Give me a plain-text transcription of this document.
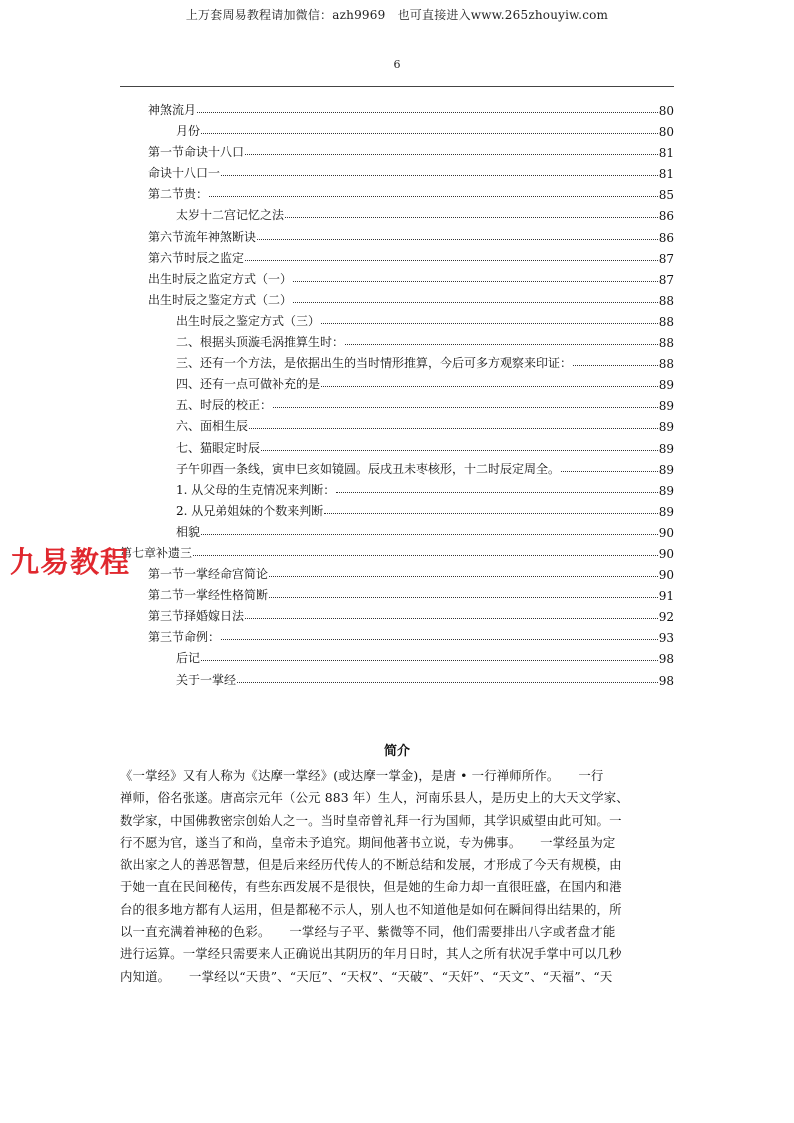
上万套周易教程请加微信：azh9969　也可直接进入www.265zhouyiw.com
6
神煞流月	80
月份	80
第一节命诀十八口	81
命诀十八口一	81
第二节贵：	85
太岁十二宫记忆之法	86
第六节流年神煞断诀	86
第六节时辰之监定	87
出生时辰之监定方式（一）	87
出生时辰之鉴定方式（二）	88
出生时辰之鉴定方式（三）	88
二、根据头顶漩毛涡推算生时：	88
三、还有一个方法，是依据出生的当时情形推算，今后可多方观察来印证：	88
四、还有一点可做补充的是	89
五、时辰的校正：	89
六、面相生辰	89
七、猫眼定时辰	89
子午卯酉一条线，寅申巳亥如镜圆。辰戌丑未枣核形，十二时辰定周全。	89
1. 从父母的生克情况来判断：	89
2. 从兄弟姐妹的个数来判断	89
相貌	90
第七章补遗三	90
第一节一掌经命宫简论	90
第二节一掌经性格简断	91
第三节择婚嫁日法	92
第三节命例：	93
后记	98
关于一掌经	98
九易教程
简介
《一掌经》又有人称为《达摩一掌经》(或达摩一掌金)，是唐 • 一行禅师所作。　　一行
禅师，俗名张遂。唐高宗元年（公元 883 年）生人，河南乐县人，是历史上的大天文学家、
数学家，中国佛教密宗创始人之一。当时皇帝曾礼拜一行为国师，其学识威望由此可知。一
行不愿为官，遂当了和尚，皇帝未予追究。期间他著书立说，专为佛事。　　一掌经虽为定
欲出家之人的善恶智慧，但是后来经历代传人的不断总结和发展，才形成了今天有规模，由
于她一直在民间秘传，有些东西发展不是很快，但是她的生命力却一直很旺盛，在国内和港
台的很多地方都有人运用，但是都秘不示人，别人也不知道他是如何在瞬间得出结果的，所
以一直充满着神秘的色彩。　　一掌经与子平、紫微等不同，他们需要排出八字或者盘才能
进行运算。一掌经只需要来人正确说出其阴历的年月日时，其人之所有状况手掌中可以几秒
内知道。　　一掌经以“天贵”、“天厄”、“天权”、“天破”、“天奸”、“天文”、“天福”、“天
